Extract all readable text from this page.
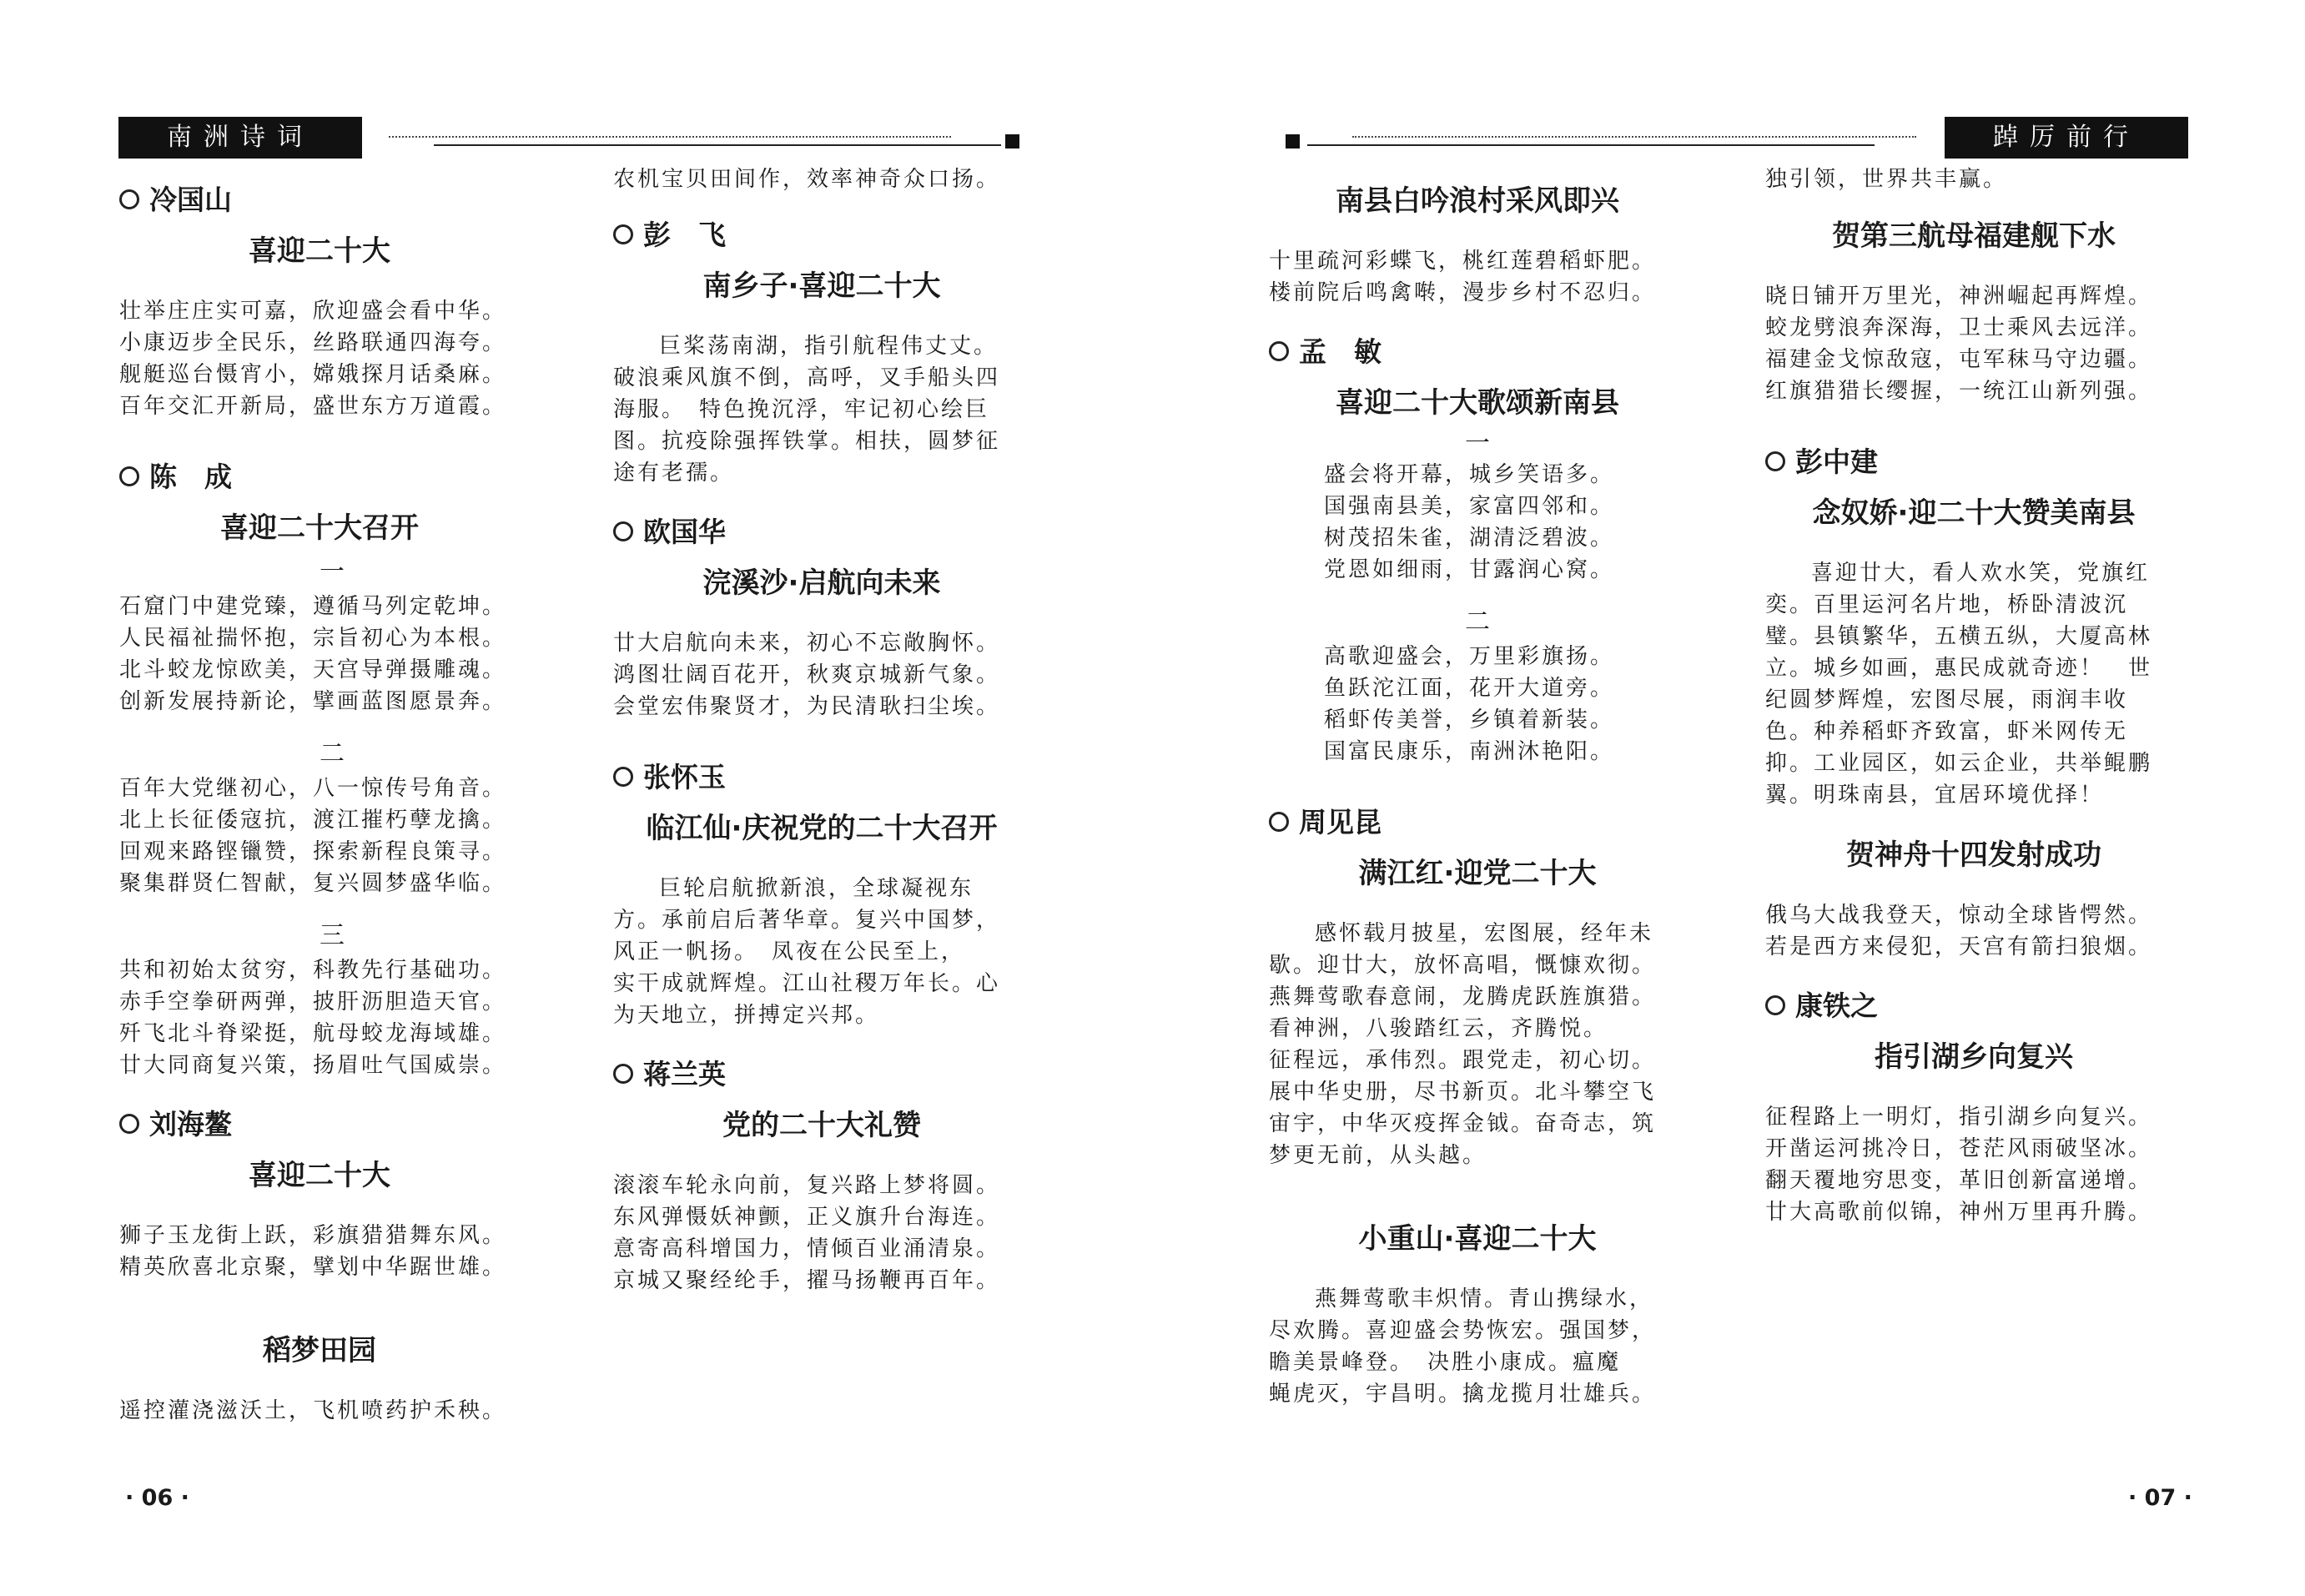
南洲诗词
冷国山
喜迎二十大
壮举庄庄实可嘉，欣迎盛会看中华。
小康迈步全民乐，丝路联通四海夸。
舰艇巡台慑宵小，嫦娥探月话桑麻。
百年交汇开新局，盛世东方万道霞。
陈　成
喜迎二十大召开
一
石窟门中建党臻，遵循马列定乾坤。
人民福祉揣怀抱，宗旨初心为本根。
北斗蛟龙惊欧美，天宫导弹摄雕魂。
创新发展持新论，擘画蓝图愿景奔。
二
百年大党继初心，八一惊传号角音。
北上长征倭寇抗，渡江摧朽孽龙擒。
回观来路铿镴赞，探索新程良策寻。
聚集群贤仁智献，复兴圆梦盛华临。
三
共和初始太贫穷，科教先行基础功。
赤手空拳研两弹，披肝沥胆造天官。
歼飞北斗脊梁挺，航母蛟龙海域雄。
廿大同商复兴策，扬眉吐气国威崇。
刘海鳌
喜迎二十大
狮子玉龙街上跃，彩旗猎猎舞东风。
精英欣喜北京聚，擘划中华踞世雄。
稻梦田园
遥控灌浇滋沃土，飞机喷药护禾秧。
农机宝贝田间作，效率神奇众口扬。
彭　飞
南乡子·喜迎二十大
巨桨荡南湖，指引航程伟丈丈。
破浪乘风旗不倒，高呼，叉手船头四
海服。　特色挽沉浮，牢记初心绘巨
图。抗疫除强挥铁掌。相扶，圆梦征
途有老孺。
欧国华
浣溪沙·启航向未来
廿大启航向未来，初心不忘敞胸怀。
鸿图壮阔百花开，秋爽京城新气象。
会堂宏伟聚贤才，为民清耿扫尘埃。
张怀玉
临江仙·庆祝党的二十大召开
巨轮启航掀新浪，全球凝视东
方。承前启后著华章。复兴中国梦，
风正一帆扬。　凤夜在公民至上，
实干成就辉煌。江山社稷万年长。心
为天地立，拼搏定兴邦。
蒋兰英
党的二十大礼赞
滚滚车轮永向前，复兴路上梦将圆。
东风弹慑妖神颤，正义旗升台海连。
意寄高科增国力，情倾百业涌清泉。
京城又聚经纶手，擢马扬鞭再百年。
· 06 ·
踔厉前行
南县白吟浪村采风即兴
十里疏河彩蝶飞，桃红莲碧稻虾肥。
楼前院后鸣禽啭，漫步乡村不忍归。
孟　敏
喜迎二十大歌颂新南县
一
盛会将开幕，城乡笑语多。
国强南县美，家富四邻和。
树茂招朱雀，湖清泛碧波。
党恩如细雨，甘露润心窝。
二
高歌迎盛会，万里彩旗扬。
鱼跃沱江面，花开大道旁。
稻虾传美誉，乡镇着新装。
国富民康乐，南洲沐艳阳。
周见昆
满江红·迎党二十大
感怀载月披星，宏图展，经年未
歇。迎廿大，放怀高唱，慨慷欢彻。
燕舞莺歌春意闹，龙腾虎跃旌旗猎。
看神洲，八骏踏红云，齐腾悦。
征程远，承伟烈。跟党走，初心切。
展中华史册，尽书新页。北斗攀空飞
宙宇，中华灭疫挥金钺。奋奇志，筑
梦更无前，从头越。
小重山·喜迎二十大
燕舞莺歌丰炽情。青山携绿水，
尽欢腾。喜迎盛会势恢宏。强国梦，
瞻美景峰登。　决胜小康成。瘟魔
蝇虎灭，宇昌明。擒龙揽月壮雄兵。
独引领，世界共丰赢。
贺第三航母福建舰下水
晓日铺开万里光，神洲崛起再辉煌。
蛟龙劈浪奔深海，卫士乘风去远洋。
福建金戈惊敌寇，屯军秣马守边疆。
红旗猎猎长缨握，一统江山新列强。
彭中建
念奴娇·迎二十大赞美南县
喜迎廿大，看人欢水笑，党旗红
奕。百里运河名片地，桥卧清波沉
璧。县镇繁华，五横五纵，大厦高林
立。城乡如画，惠民成就奇迹！　世
纪圆梦辉煌，宏图尽展，雨润丰收
色。种养稻虾齐致富，虾米网传无
抑。工业园区，如云企业，共举鲲鹏
翼。明珠南县，宜居环境优择！
贺神舟十四发射成功
俄乌大战我登天，惊动全球皆愕然。
若是西方来侵犯，天宫有箭扫狼烟。
康铁之
指引湖乡向复兴
征程路上一明灯，指引湖乡向复兴。
开凿运河挑冷日，苍茫风雨破坚冰。
翻天覆地穷思变，革旧创新富递增。
廿大高歌前似锦，神州万里再升腾。
· 07 ·
